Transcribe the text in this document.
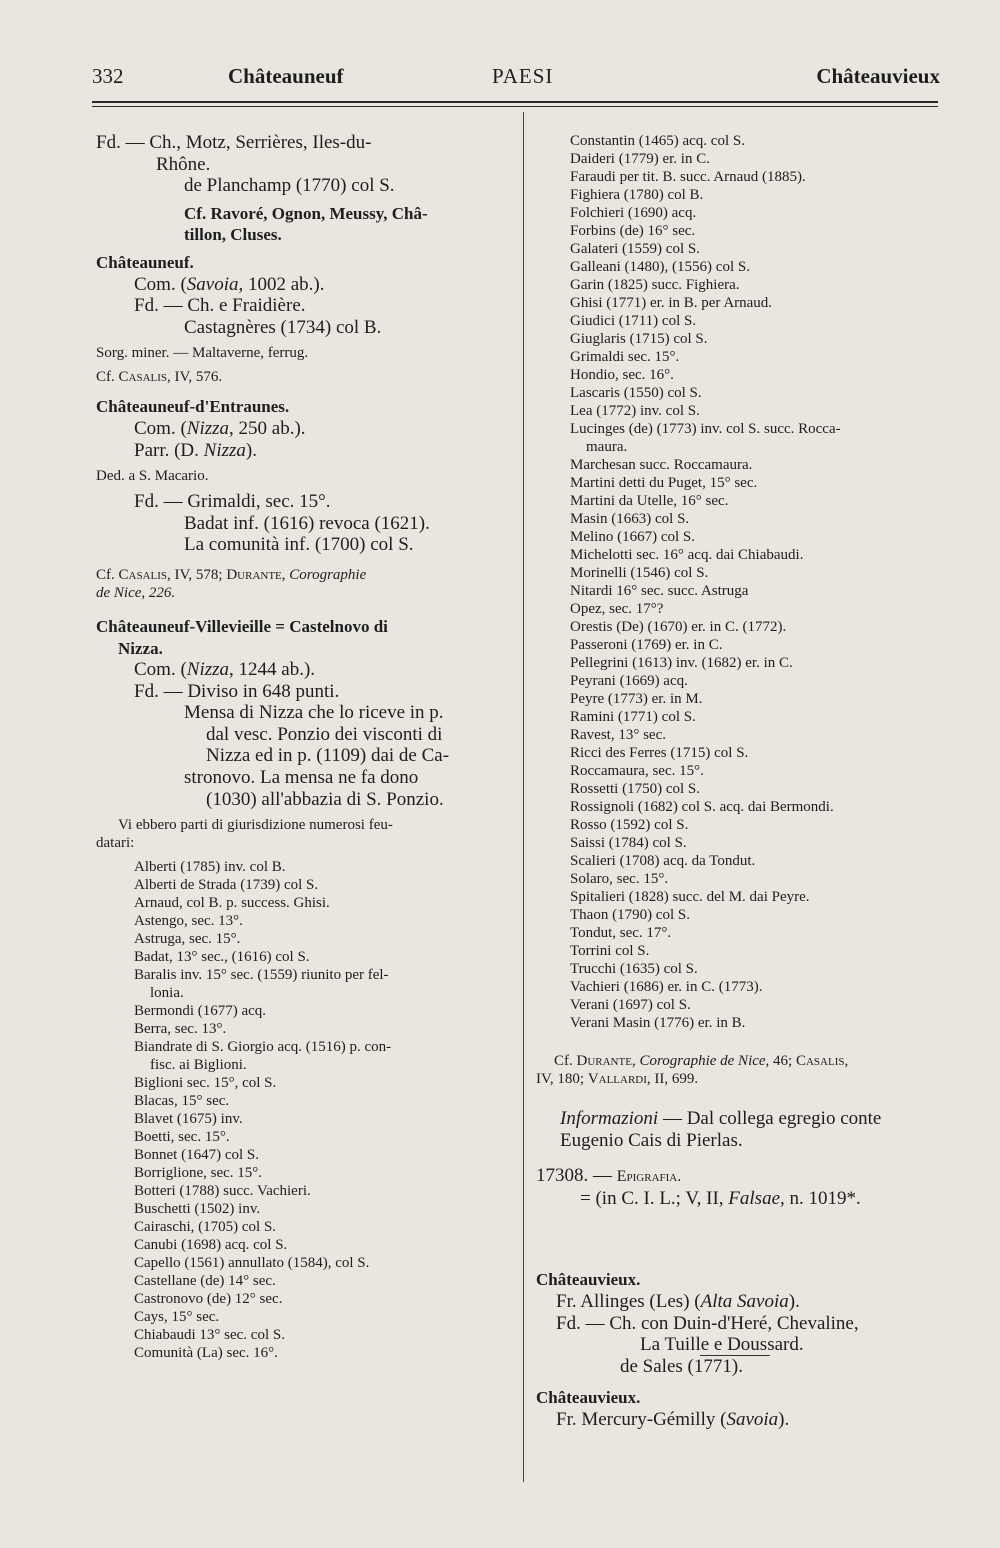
332	Châteauneuf	PAESI	Châteauvieux

Fd. — Ch., Motz, Serrières, Iles-du-

Rhône.

de Planchamp (1770) col S.

Cf. Ravoré, Ognon, Meussy, Châ-

tillon, Cluses.

Châteauneuf.

Com. (Savoia, 1002 ab.).

Fd. — Ch. e Fraidière.

Castagnères (1734) col B.

Sorg. miner. — Maltaverne, ferrug.

Cf. Casalis, IV, 576.

Châteauneuf-d'Entraunes.

Com. (Nizza, 250 ab.).

Parr. (D. Nizza).

Ded. a S. Macario.

Fd. — Grimaldi, sec. 15°.

Badat inf. (1616) revoca (1621).

La comunità inf. (1700) col S.

Cf. Casalis, IV, 578; Durante, Corographie

de Nice, 226.

Châteauneuf-Villevieille = Castelnovo di

Nizza.

Com. (Nizza, 1244 ab.).

Fd. — Diviso in 648 punti.

Mensa di Nizza che lo riceve in p.

dal vesc. Ponzio dei visconti di

Nizza ed in p. (1109) dai de Ca-

stronovo. La mensa ne fa dono

(1030) all'abbazia di S. Ponzio.

Vi ebbero parti di giurisdizione numerosi feu-

datari:

Alberti (1785) inv. col B.

Alberti de Strada (1739) col S.

Arnaud, col B. p. success. Ghisi.

Astengo, sec. 13°.

Astruga, sec. 15°.

Badat, 13° sec., (1616) col S.

Baralis inv. 15° sec. (1559) riunito per fel-

lonia.

Bermondi (1677) acq.

Berra, sec. 13°.

Biandrate di S. Giorgio acq. (1516) p. con-

fisc. ai Biglioni.

Biglioni sec. 15°, col S.

Blacas, 15° sec.

Blavet (1675) inv.

Boetti, sec. 15°.

Bonnet (1647) col S.

Borriglione, sec. 15°.

Botteri (1788) succ. Vachieri.

Buschetti (1502) inv.

Cairaschi, (1705) col S.

Canubi (1698) acq. col S.

Capello (1561) annullato (1584), col S.

Castellane (de) 14° sec.

Castronovo (de) 12° sec.

Cays, 15° sec.

Chiabaudi 13° sec. col S.

Comunità (La) sec. 16°.

Constantin (1465) acq. col S.

Daideri (1779) er. in C.

Faraudi per tit. B. succ. Arnaud (1885).

Fighiera (1780) col B.

Folchieri (1690) acq.

Forbins (de) 16° sec.

Galateri (1559) col S.

Galleani (1480), (1556) col S.

Garin (1825) succ. Fighiera.

Ghisi (1771) er. in B. per Arnaud.

Giudici (1711) col S.

Giuglaris (1715) col S.

Grimaldi sec. 15°.

Hondio, sec. 16°.

Lascaris (1550) col S.

Lea (1772) inv. col S.

Lucinges (de) (1773) inv. col S. succ. Rocca-

maura.

Marchesan succ. Roccamaura.

Martini detti du Puget, 15° sec.

Martini da Utelle, 16° sec.

Masin (1663) col S.

Melino (1667) col S.

Michelotti sec. 16° acq. dai Chiabaudi.

Morinelli (1546) col S.

Nitardi 16° sec. succ. Astruga

Opez, sec. 17°?

Orestis (De) (1670) er. in C. (1772).

Passeroni (1769) er. in C.

Pellegrini (1613) inv. (1682) er. in C.

Peyrani (1669) acq.

Peyre (1773) er. in M.

Ramini (1771) col S.

Ravest, 13° sec.

Ricci des Ferres (1715) col S.

Roccamaura, sec. 15°.

Rossetti (1750) col S.

Rossignoli (1682) col S. acq. dai Bermondi.

Rosso (1592) col S.

Saissi (1784) col S.

Scalieri (1708) acq. da Tondut.

Solaro, sec. 15°.

Spitalieri (1828) succ. del M. dai Peyre.

Thaon (1790) col S.

Tondut, sec. 17°.

Torrini col S.

Trucchi (1635) col S.

Vachieri (1686) er. in C. (1773).

Verani (1697) col S.

Verani Masin (1776) er. in B.

Cf. Durante, Corographie de Nice, 46; Casalis,

IV, 180; Vallardi, II, 699.

Informazioni — Dal collega egregio conte

Eugenio Cais di Pierlas.

17308. — Epigrafia.

= (in C. I. L.; V, II, Falsae, n. 1019*.

Châteauvieux.

Fr. Allinges (Les) (Alta Savoia).

Fd. — Ch. con Duin-d'Heré, Chevaline,

La Tuille e Doussard.

de Sales (1771).

Châteauvieux.

Fr. Mercury-Gémilly (Savoia).
